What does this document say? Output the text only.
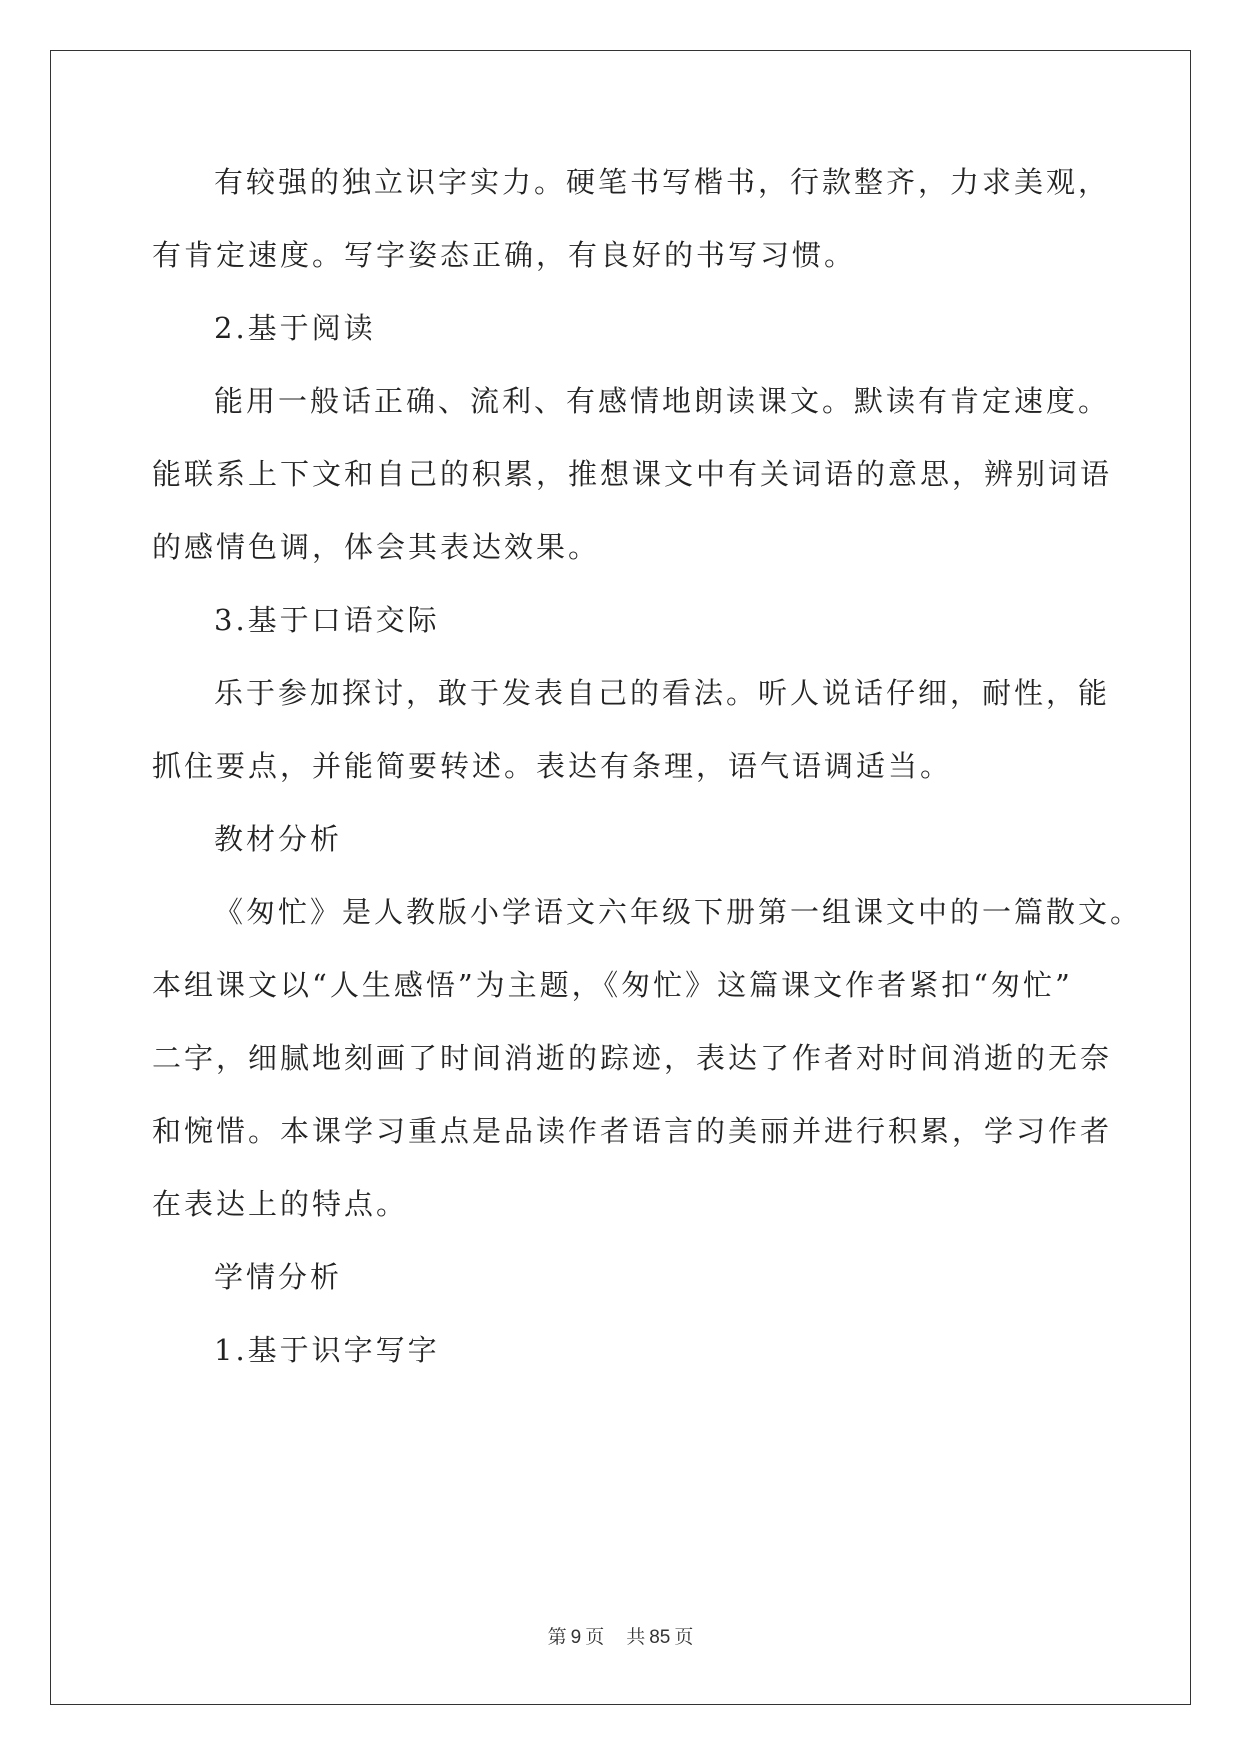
有较强的独立识字实力。硬笔书写楷书，行款整齐，力求美观，
有肯定速度。写字姿态正确，有良好的书写习惯。
2.基于阅读
能用一般话正确、流利、有感情地朗读课文。默读有肯定速度。
能联系上下文和自己的积累，推想课文中有关词语的意思，辨别词语
的感情色调，体会其表达效果。
3.基于口语交际
乐于参加探讨，敢于发表自己的看法。听人说话仔细，耐性，能
抓住要点，并能简要转述。表达有条理，语气语调适当。
教材分析
《匆忙》是人教版小学语文六年级下册第一组课文中的一篇散文。
本组课文以“人生感悟”为主题，《匆忙》这篇课文作者紧扣“匆忙”
二字，细腻地刻画了时间消逝的踪迹，表达了作者对时间消逝的无奈
和惋惜。本课学习重点是品读作者语言的美丽并进行积累，学习作者
在表达上的特点。
学情分析
1.基于识字写字
第 9 页 共 85 页
